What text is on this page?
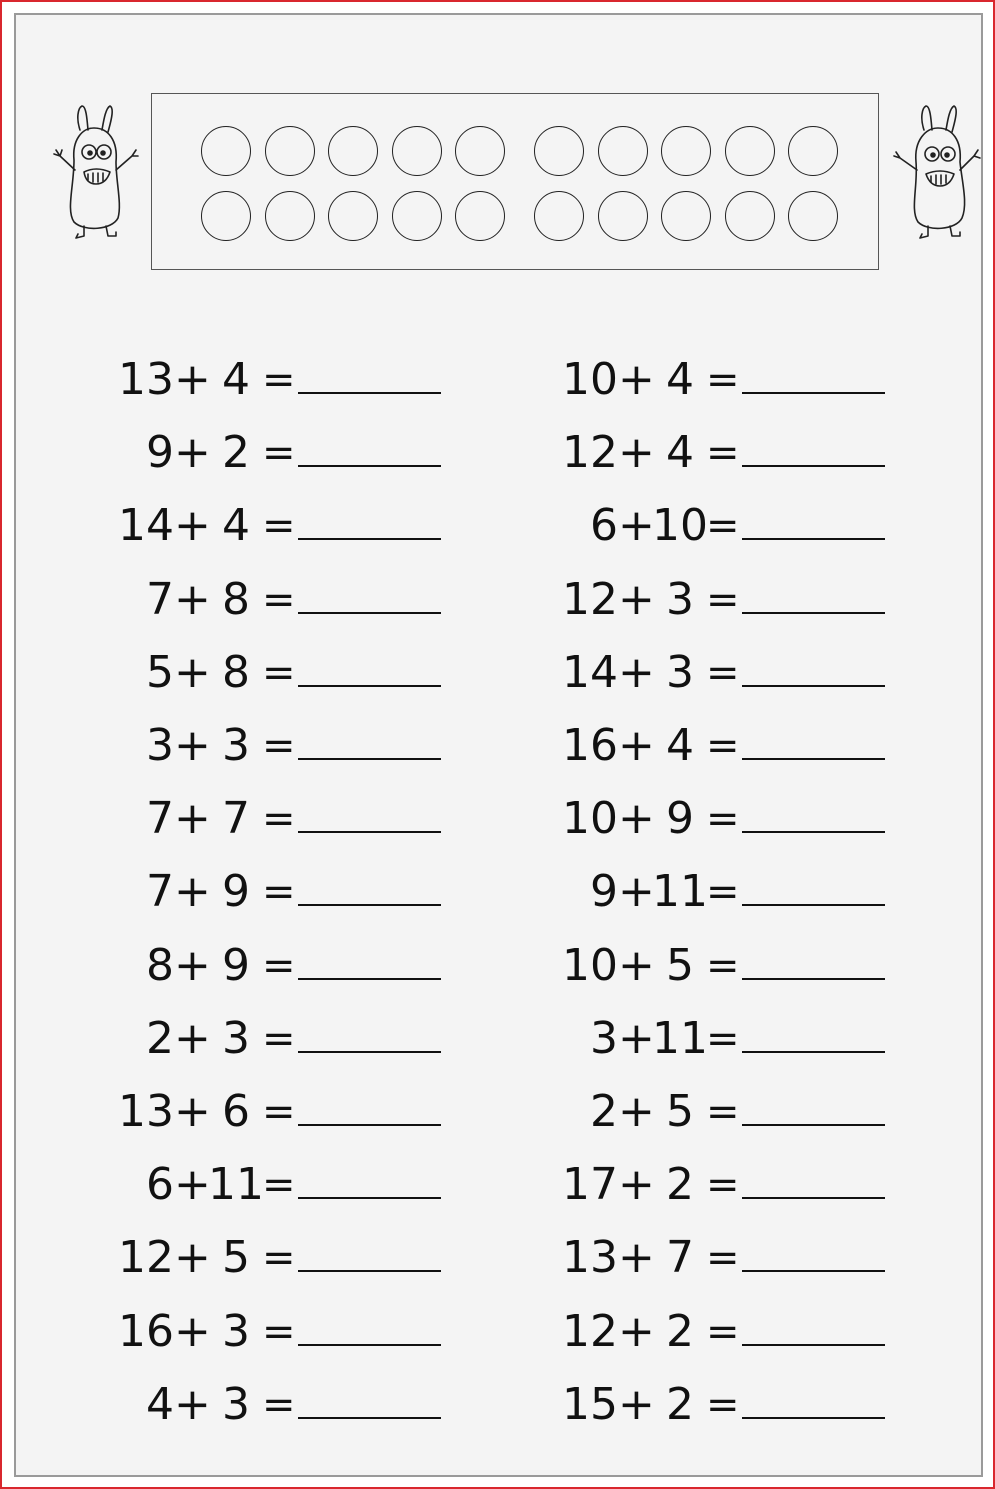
13 + 4 =
9 + 2 =
14 + 4 =
7 + 8 =
5 + 8 =
3 + 3 =
7 + 7 =
7 + 9 =
8 + 9 =
2 + 3 =
13 + 6 =
6 +
11
=
12 + 5 =
16 + 3 =
4 + 3 =
10 + 4 =
12 + 4 =
6 +
10
=
12 + 3 =
14 + 3 =
16 + 4 =
10 + 9 =
9 +
11
=
10 + 5 =
3 +
11
=
2 + 5 =
17 + 2 =
13 + 7 =
12 + 2 =
15 + 2 =
